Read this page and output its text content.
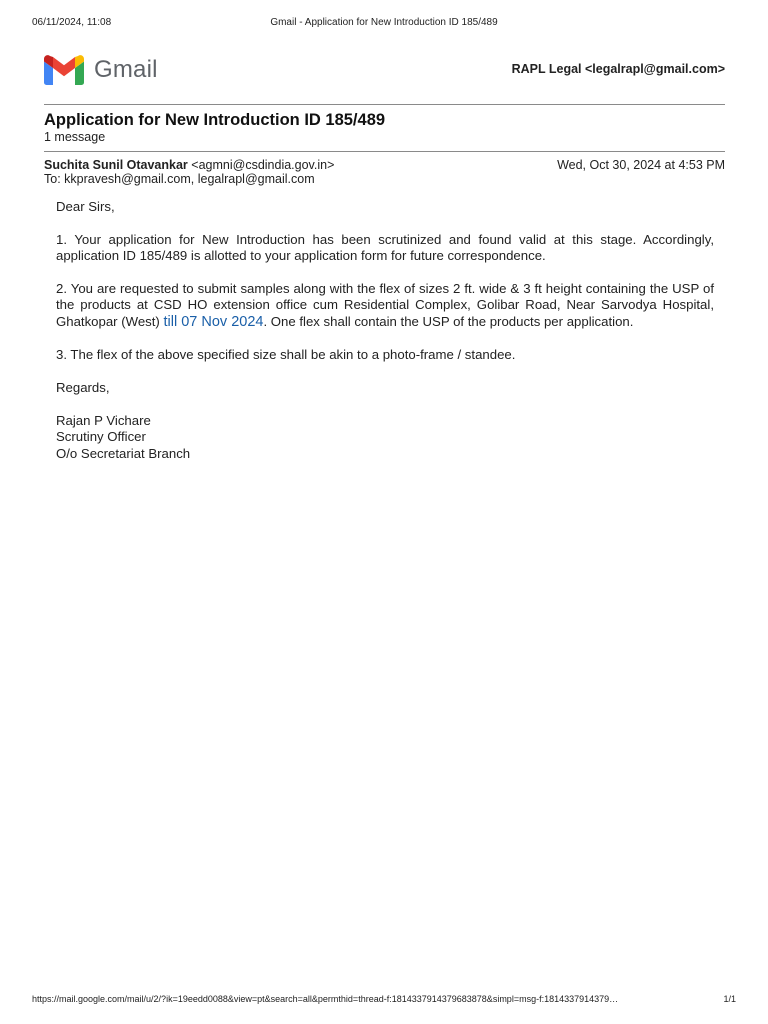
06/11/2024, 11:08	Gmail - Application for New Introduction ID 185/489
Gmail	RAPL Legal <legalrapl@gmail.com>
Application for New Introduction ID 185/489
1 message
Suchita Sunil Otavankar <agmni@csdindia.gov.in>	Wed, Oct 30, 2024 at 4:53 PM
To: kkpravesh@gmail.com, legalrapl@gmail.com

Dear Sirs,

1. Your application for New Introduction has been scrutinized and found valid at this stage. Accordingly, application ID 185/489 is allotted to your application form for future correspondence.

2. You are requested to submit samples along with the flex of sizes 2 ft. wide & 3 ft height containing the USP of the products at CSD HO extension office cum Residential Complex, Golibar Road, Near Sarvodya Hospital, Ghatkopar (West) till 07 Nov 2024. One flex shall contain the USP of the products per application.

3. The flex of the above specified size shall be akin to a photo-frame / standee.

Regards,

Rajan P Vichare

Scrutiny Officer

O/o Secretariat Branch

https://mail.google.com/mail/u/2/?ik=19eedd0088&view=pt&search=all&permthid=thread-f:1814337914379683878&simpl=msg-f:1814337914379…	1/1
